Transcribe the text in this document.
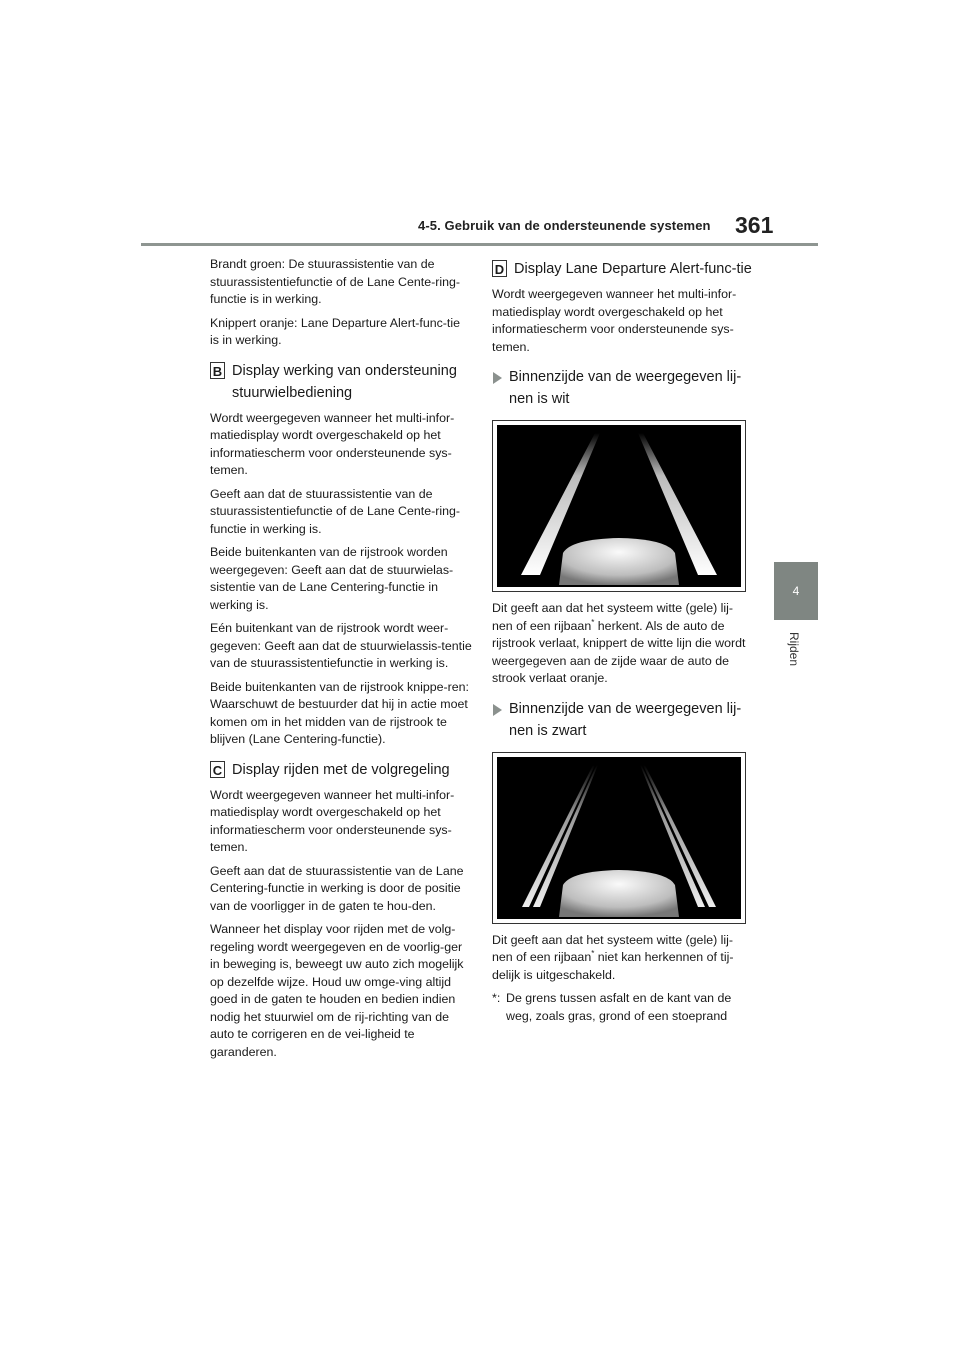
4-5. Gebruik van de ondersteunende systemen 361
4
Rijden

Brandt groen: De stuurassistentie van de stuurassistentiefunctie of de Lane Cente-ring-functie is in werking.

Knippert oranje: Lane Departure Alert-func-tie is in werking.

B Display werking van ondersteuning stuurwielbediening

Wordt weergegeven wanneer het multi-infor-matiedisplay wordt overgeschakeld op het informatiescherm voor ondersteunende sys-temen.

Geeft aan dat de stuurassistentie van de stuurassistentiefunctie of de Lane Cente-ring-functie in werking is.

Beide buitenkanten van de rijstrook worden weergegeven: Geeft aan dat de stuurwielas-sistentie van de Lane Centering-functie in werking is.

Eén buitenkant van de rijstrook wordt weer-gegeven: Geeft aan dat de stuurwielassis-tentie van de stuurassistentiefunctie in werking is.

Beide buitenkanten van de rijstrook knippe-ren: Waarschuwt de bestuurder dat hij in actie moet komen om in het midden van de rijstrook te blijven (Lane Centering-functie).

C Display rijden met de volgregeling

Wordt weergegeven wanneer het multi-infor-matiedisplay wordt overgeschakeld op het informatiescherm voor ondersteunende sys-temen.

Geeft aan dat de stuurassistentie van de Lane Centering-functie in werking is door de positie van de voorligger in de gaten te hou-den.

Wanneer het display voor rijden met de volg-regeling wordt weergegeven en de voorlig-ger in beweging is, beweegt uw auto zich mogelijk op dezelfde wijze. Houd uw omge-ving altijd goed in de gaten te houden en bedien indien nodig het stuurwiel om de rij-richting van de auto te corrigeren en de vei-ligheid te garanderen.

D Display Lane Departure Alert-func-tie

Wordt weergegeven wanneer het multi-infor-matiedisplay wordt overgeschakeld op het informatiescherm voor ondersteunende sys-temen.

Binnenzijde van de weergegeven lij-nen is wit

Dit geeft aan dat het systeem witte (gele) lij-nen of een rijbaan* herkent. Als de auto de rijstrook verlaat, knippert de witte lijn die wordt weergegeven aan de zijde waar de auto de strook verlaat oranje.

Binnenzijde van de weergegeven lij-nen is zwart

Dit geeft aan dat het systeem witte (gele) lij-nen of een rijbaan* niet kan herkennen of tij-delijk is uitgeschakeld.

*: De grens tussen asfalt en de kant van de weg, zoals gras, grond of een stoeprand
